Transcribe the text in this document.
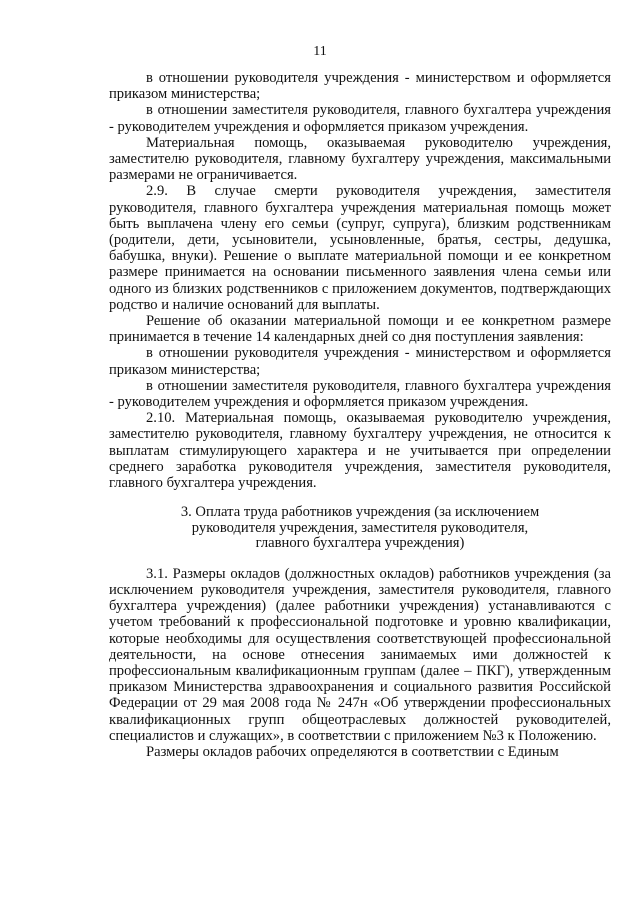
11

в отношении руководителя учреждения - министерством и оформляется приказом министерства;

в отношении заместителя руководителя, главного бухгалтера учреждения - руководителем учреждения и оформляется приказом учреждения.

Материальная помощь, оказываемая руководителю учреждения, заместителю руководителя, главному бухгалтеру учреждения, максимальными размерами не ограничивается.

2.9. В случае смерти руководителя учреждения, заместителя руководителя, главного бухгалтера учреждения материальная помощь может быть выплачена члену его семьи (супруг, супруга), близким родственникам (родители, дети, усыновители, усыновленные, братья, сестры, дедушка, бабушка, внуки). Решение о выплате материальной помощи и ее конкретном размере принимается на основании письменного заявления члена семьи или одного из близких родственников с приложением документов, подтверждающих родство и наличие оснований для выплаты.

Решение об оказании материальной помощи и ее конкретном размере принимается в течение 14 календарных дней со дня поступления заявления:

в отношении руководителя учреждения - министерством и оформляется приказом министерства;

в отношении заместителя руководителя, главного бухгалтера учреждения - руководителем учреждения и оформляется приказом учреждения.

2.10. Материальная помощь, оказываемая руководителю учреждения, заместителю руководителя, главному бухгалтеру учреждения, не относится к выплатам стимулирующего характера и не учитывается при определении среднего заработка руководителя учреждения, заместителя руководителя, главного бухгалтера учреждения.

3. Оплата труда работников учреждения (за исключением
руководителя учреждения, заместителя руководителя,
главного бухгалтера учреждения)

3.1. Размеры окладов (должностных окладов) работников учреждения (за исключением руководителя учреждения, заместителя руководителя, главного бухгалтера учреждения) (далее работники учреждения) устанавливаются с учетом требований к профессиональной подготовке и уровню квалификации, которые необходимы для осуществления соответствующей профессиональной деятельности, на основе отнесения занимаемых ими должностей к профессиональным квалификационным группам (далее – ПКГ), утвержденным приказом Министерства здравоохранения и социального развития Российской Федерации от 29 мая 2008 года № 247н «Об утверждении профессиональных квалификационных групп общеотраслевых должностей руководителей, специалистов и служащих», в соответствии с приложением №3 к Положению.

Размеры окладов рабочих определяются в соответствии с Единым
